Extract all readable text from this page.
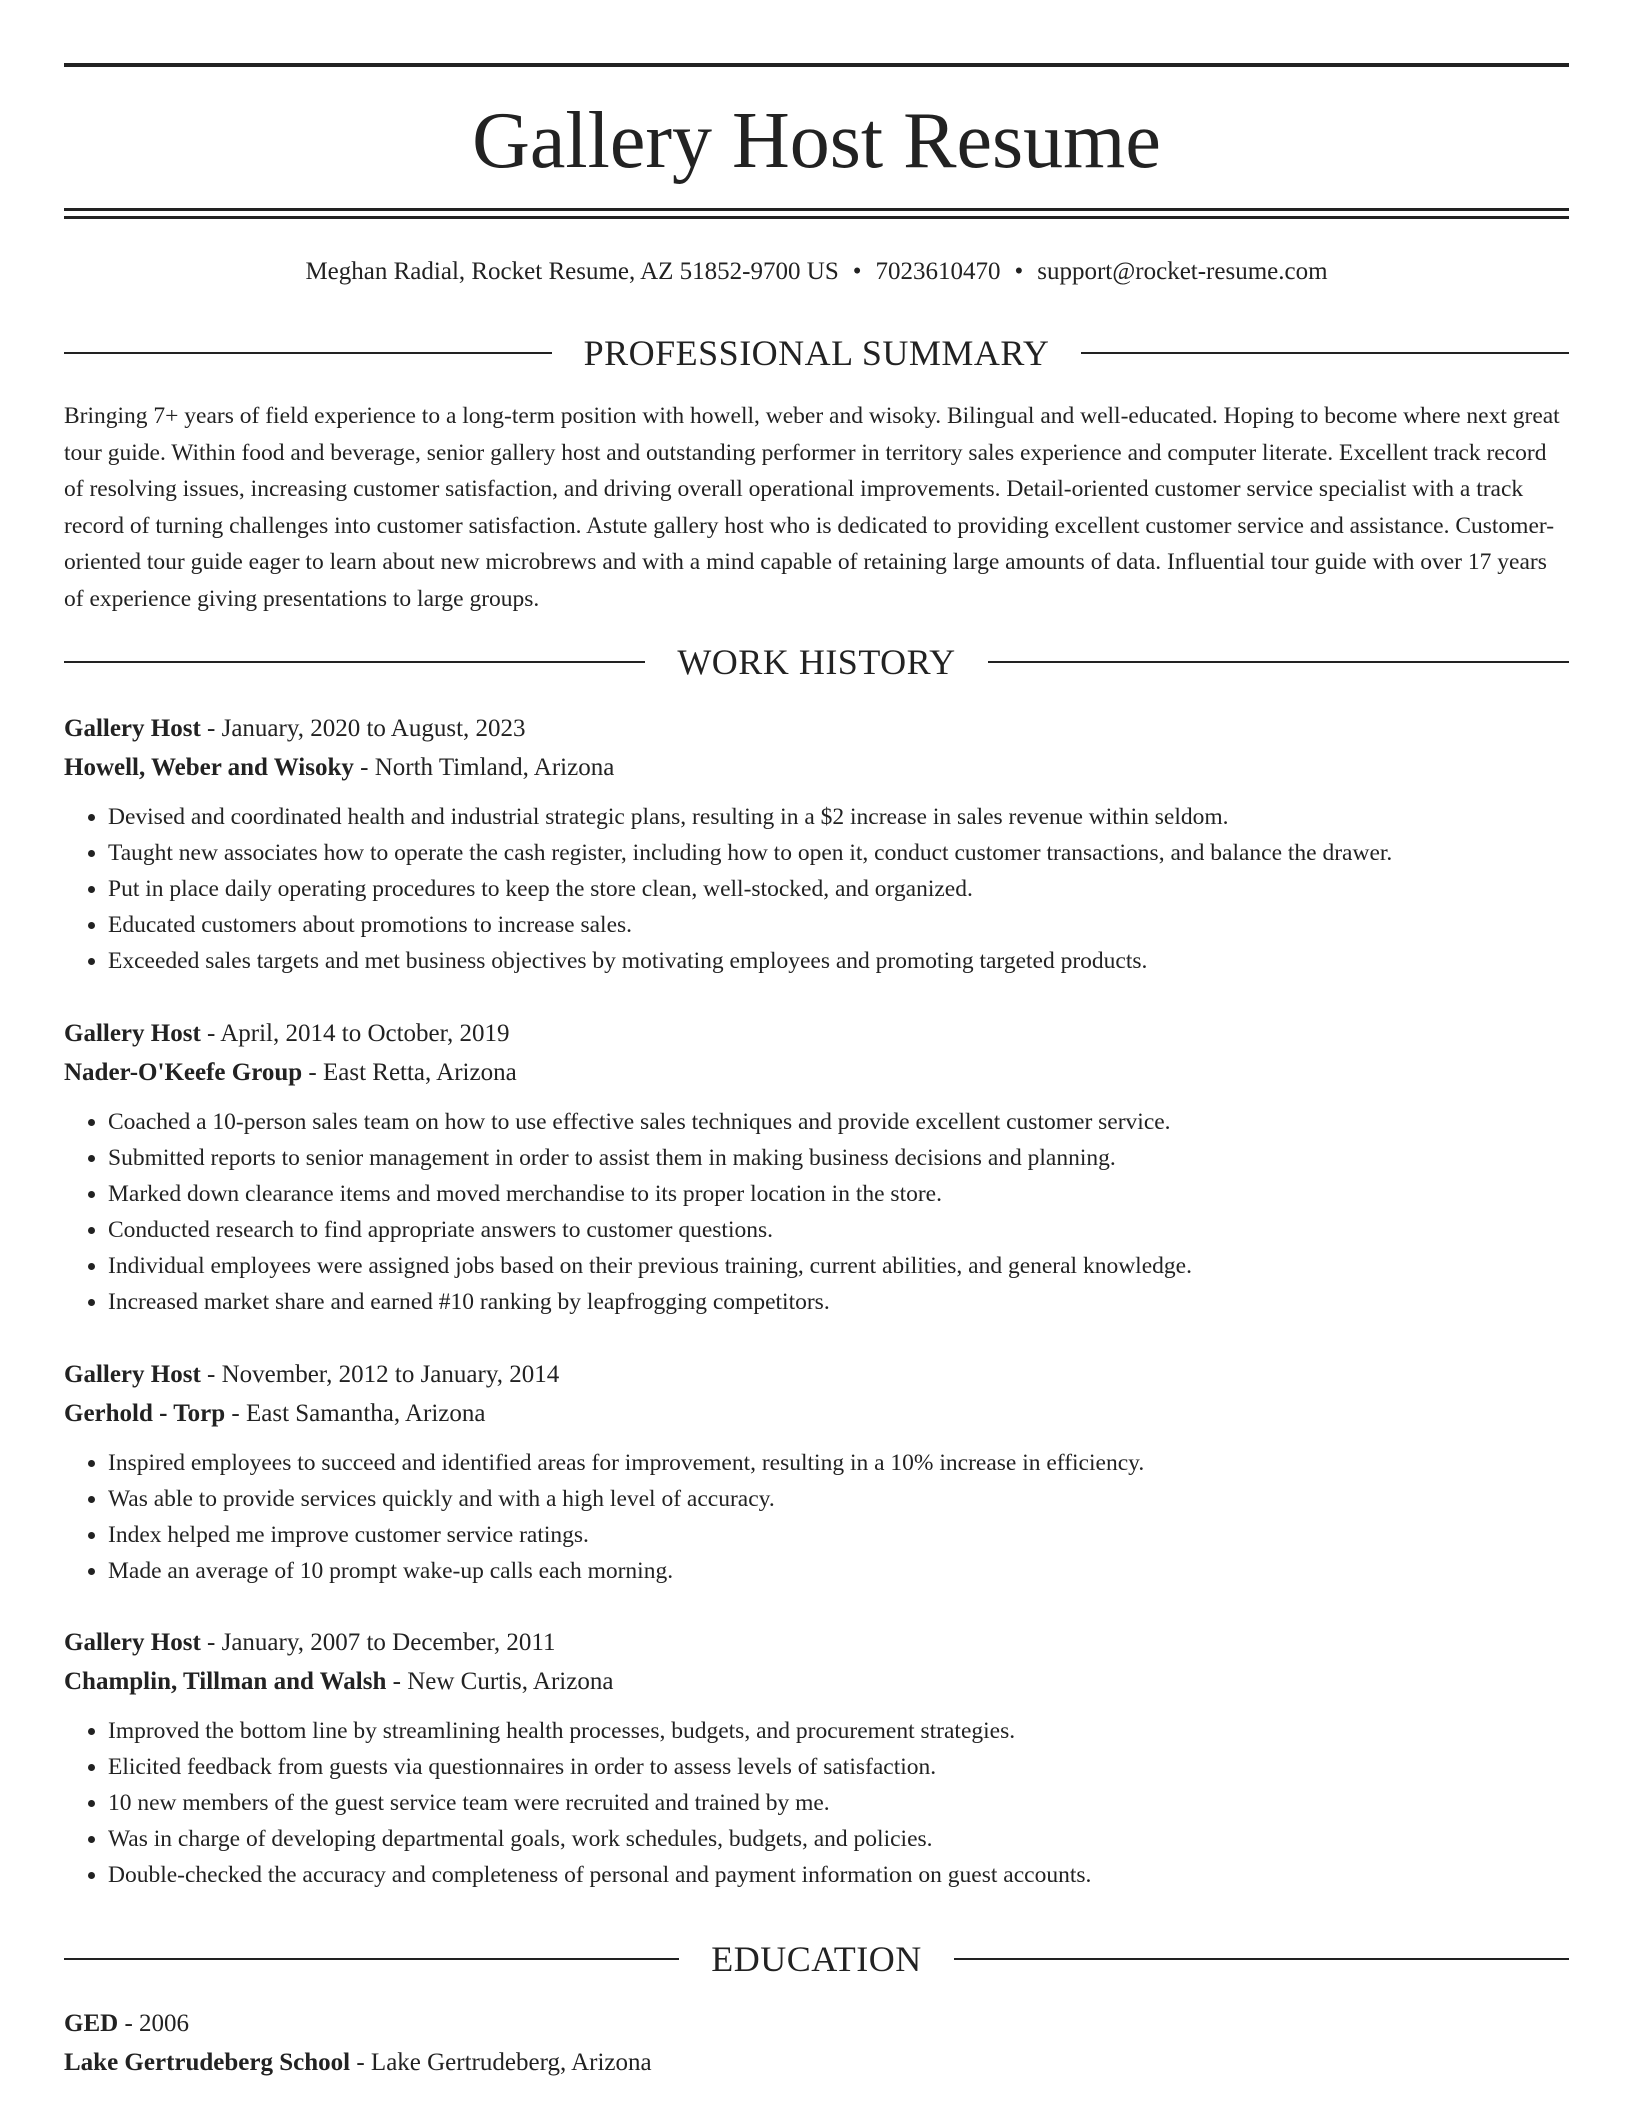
Gallery Host Resume
Meghan Radial, Rocket Resume, AZ 51852-9700 US • 7023610470 • support@rocket-resume.com
PROFESSIONAL SUMMARY

Bringing 7+ years of field experience to a long-term position with howell, weber and wisoky. Bilingual and well-educated. Hoping to become where next great tour guide. Within food and beverage, senior gallery host and outstanding performer in territory sales experience and computer literate. Excellent track record of resolving issues, increasing customer satisfaction, and driving overall operational improvements. Detail-oriented customer service specialist with a track record of turning challenges into customer satisfaction. Astute gallery host who is dedicated to providing excellent customer service and assistance. Customer-oriented tour guide eager to learn about new microbrews and with a mind capable of retaining large amounts of data. Influential tour guide with over 17 years of experience giving presentations to large groups.

WORK HISTORY
Gallery Host - January, 2020 to August, 2023
Howell, Weber and Wisoky - North Timland, Arizona
• Devised and coordinated health and industrial strategic plans, resulting in a $2 increase in sales revenue within seldom.
• Taught new associates how to operate the cash register, including how to open it, conduct customer transactions, and balance the drawer.
• Put in place daily operating procedures to keep the store clean, well-stocked, and organized.
• Educated customers about promotions to increase sales.
• Exceeded sales targets and met business objectives by motivating employees and promoting targeted products.
Gallery Host - April, 2014 to October, 2019
Nader-O'Keefe Group - East Retta, Arizona
• Coached a 10-person sales team on how to use effective sales techniques and provide excellent customer service.
• Submitted reports to senior management in order to assist them in making business decisions and planning.
• Marked down clearance items and moved merchandise to its proper location in the store.
• Conducted research to find appropriate answers to customer questions.
• Individual employees were assigned jobs based on their previous training, current abilities, and general knowledge.
• Increased market share and earned #10 ranking by leapfrogging competitors.
Gallery Host - November, 2012 to January, 2014
Gerhold - Torp - East Samantha, Arizona
• Inspired employees to succeed and identified areas for improvement, resulting in a 10% increase in efficiency.
• Was able to provide services quickly and with a high level of accuracy.
• Index helped me improve customer service ratings.
• Made an average of 10 prompt wake-up calls each morning.
Gallery Host - January, 2007 to December, 2011
Champlin, Tillman and Walsh - New Curtis, Arizona
• Improved the bottom line by streamlining health processes, budgets, and procurement strategies.
• Elicited feedback from guests via questionnaires in order to assess levels of satisfaction.
• 10 new members of the guest service team were recruited and trained by me.
• Was in charge of developing departmental goals, work schedules, budgets, and policies.
• Double-checked the accuracy and completeness of personal and payment information on guest accounts.
EDUCATION
GED - 2006
Lake Gertrudeberg School - Lake Gertrudeberg, Arizona
